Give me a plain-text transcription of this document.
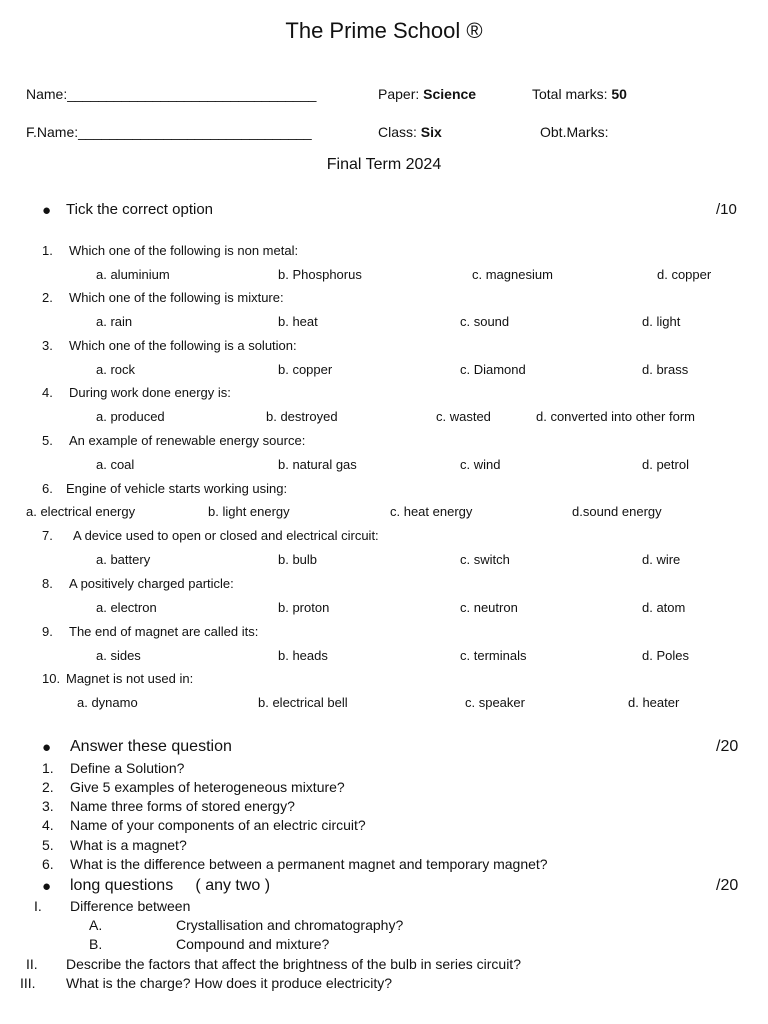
The Prime School ®
Name:________________________________	Paper: Science	Total marks: 50
F.Name:______________________________	Class: Six	Obt.Marks:
Final Term 2024
● Tick the correct option	/10
1. Which one of the following is non metal:
a. aluminium	b. Phosphorus	c. magnesium	d. copper
2. Which one of the following is mixture:
a. rain	b. heat	c. sound	d. light
3. Which one of the following is a solution:
a. rock	b. copper	c. Diamond	d. brass
4. During work done energy is:
a. produced	b. destroyed	c. wasted	d. converted into other form
5. An example of renewable energy source:
a. coal	b. natural gas	c. wind	d. petrol
6. Engine of vehicle starts working using:
a. electrical energy	b. light energy	c. heat energy	d.sound energy
7. A device used to open or closed and electrical circuit:
a. battery	b. bulb	c. switch	d. wire
8. A positively charged particle:
a. electron	b. proton	c. neutron	d. atom
9. The end of magnet are called its:
a. sides	b. heads	c. terminals	d. Poles
10. Magnet is not used in:
a. dynamo	b. electrical bell	c. speaker	d. heater
● Answer these question	/20
1. Define a Solution?
2. Give 5 examples of heterogeneous mixture?
3. Name three forms of stored energy?
4. Name of your components of an electric circuit?
5. What is a magnet?
6. What is the difference between a permanent magnet and temporary magnet?
● long questions     ( any two )	/20
I. Difference between
A.	Crystallisation and chromatography?
B.	Compound and mixture?
II. Describe the factors that affect the brightness of the bulb in series circuit?
III. What is the charge? How does it produce electricity?
